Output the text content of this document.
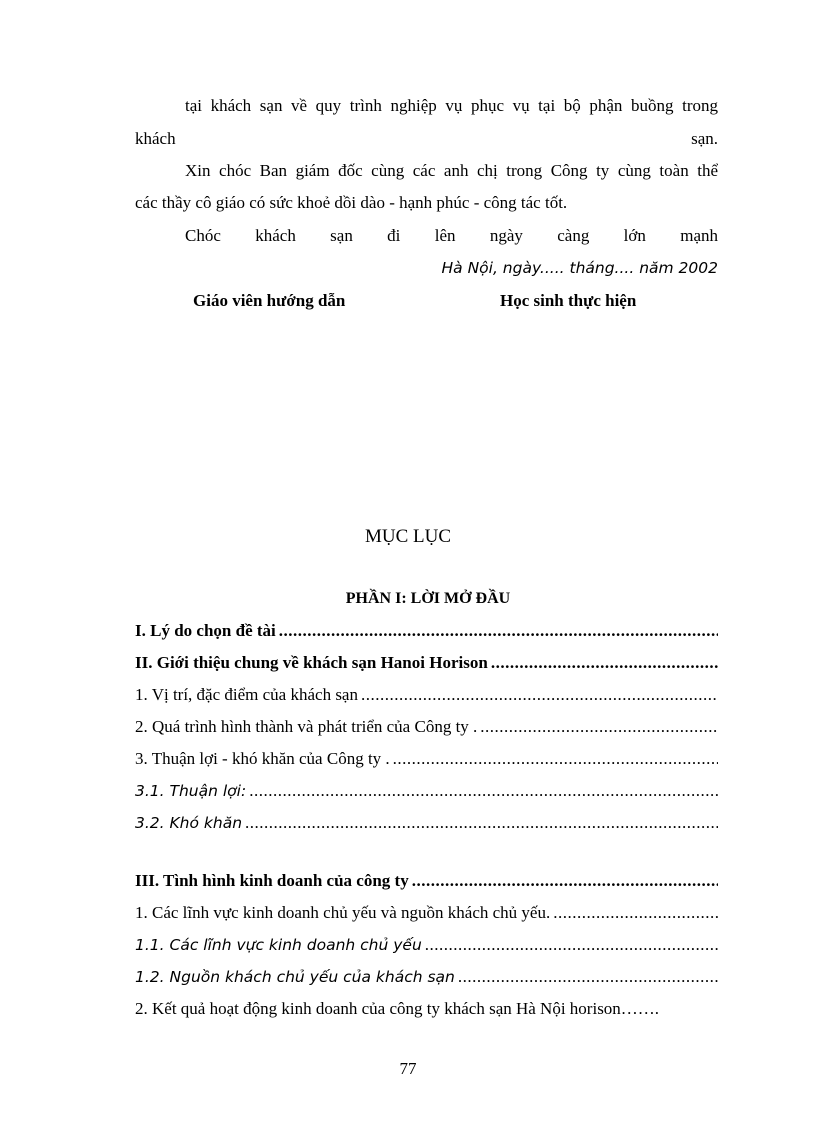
tại khách sạn về quy trình nghiệp vụ phục vụ tại bộ phận buồng trong
khách	sạn.
Xin chóc Ban giám đốc cùng các anh chị trong Công ty cùng toàn thể
các thầy cô giáo có sức khoẻ dồi dào - hạnh phúc - công tác tốt.
Chóc khách sạn đi lên ngày càng lớn mạnh
Hà Nội, ngày..... tháng.... năm 2002
Giáo viên hướng dẫn	Học sinh thực hiện
MỤC LỤC
PHẦN I: LỜI MỞ ĐẦU
I. Lý do chọn đề tài
.....
II. Giới thiệu chung về khách sạn Hanoi Horison
.....
1. Vị trí, đặc điểm của khách sạn
.....
2. Quá trình hình thành và phát triển của Công ty .
.....
3. Thuận lợi - khó khăn của Công ty .
.....
3.1. Thuận lợi:
.....
3.2. Khó khăn
.....
III. Tình hình kinh doanh của công ty
.....
1. Các lĩnh vực kinh doanh chủ yếu và nguồn khách chủ yếu.
.....
1.1. Các lĩnh vực kinh doanh chủ yếu
.....
1.2. Nguồn khách chủ yếu của khách sạn
.....
2. Kết quả hoạt động kinh doanh của công ty khách sạn Hà Nội horison…….
77
